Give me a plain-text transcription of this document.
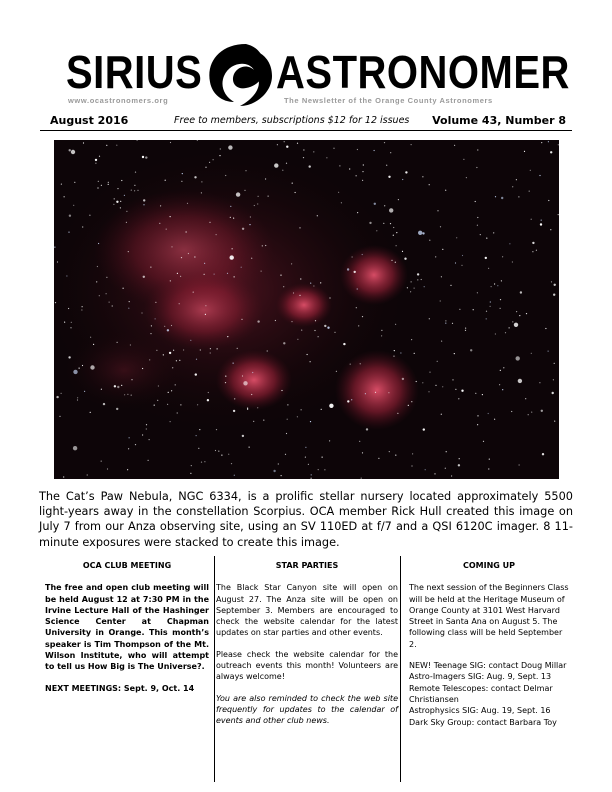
SIRIUS ASTRONOMER
www.ocastronomers.org	The Newsletter of the Orange County Astronomers
August 2016	Free to members, subscriptions $12 for 12 issues Volume 43, Number 8
The Cat’s Paw Nebula, NGC 6334, is a prolific stellar nursery located approximately 5500 light-years away in the constellation Scorpius. OCA member Rick Hull created this image on July 7 from our Anza observing site, using an SV 110ED at f/7 and a QSI 6120C imager. 8 11-minute exposures were stacked to create this image.
OCA CLUB MEETING

The free and open club meeting will be held August 12 at 7:30 PM in the Irvine Lecture Hall of the Hashinger Science Center at Chapman University in Orange. This month’s speaker is Tim Thompson of the Mt. Wilson Institute, who will attempt to tell us How Big is The Universe?.

NEXT MEETINGS: Sept. 9, Oct. 14

STAR PARTIES

The Black Star Canyon site will open on August 27. The Anza site will be open on September 3. Members are encouraged to check the website calendar for the latest updates on star parties and other events.

Please check the website calendar for the outreach events this month! Volunteers are always welcome!

You are also reminded to check the web site frequently for updates to the calendar of events and other club news.

COMING UP

The next session of the Beginners Class will be held at the Heritage Museum of Orange County at 3101 West Harvard Street in Santa Ana on August 5. The following class will be held September 2.

NEW! Teenage SIG: contact Doug Millar
Astro-Imagers SIG: Aug. 9, Sept. 13
Remote Telescopes: contact Delmar Christiansen
Astrophysics SIG: Aug. 19, Sept. 16
Dark Sky Group: contact Barbara Toy
